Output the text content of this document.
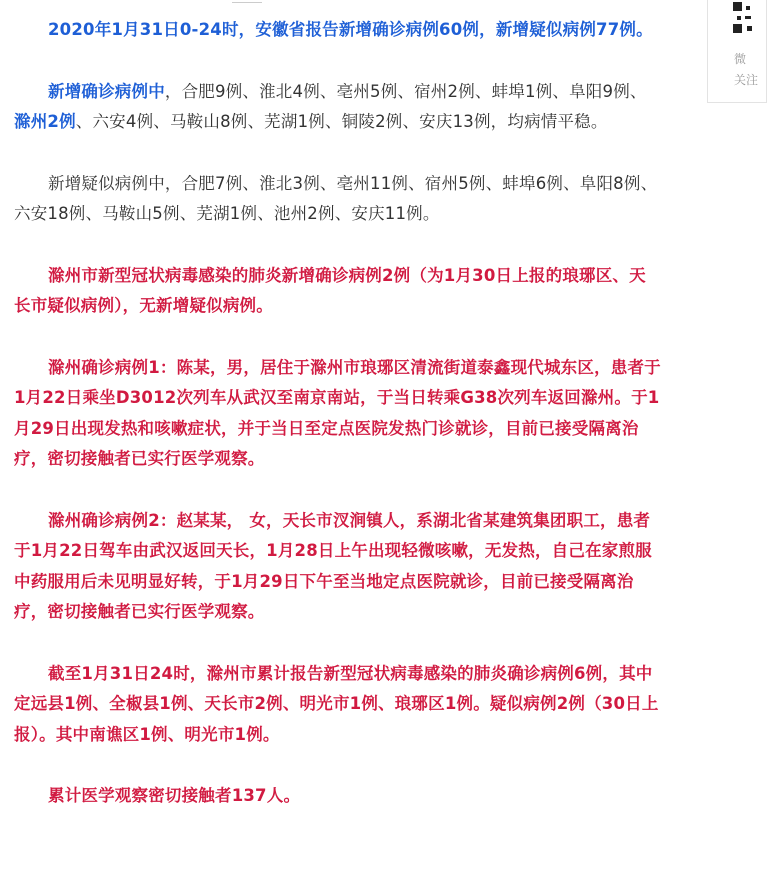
2020年1月31日0-24时，安徽省报告新增确诊病例60例，新增疑似病例77例。

新增确诊病例中，合肥9例、淮北4例、亳州5例、宿州2例、蚌埠1例、阜阳9例、滁州2例、六安4例、马鞍山8例、芜湖1例、铜陵2例、安庆13例，均病情平稳。

新增疑似病例中，合肥7例、淮北3例、亳州11例、宿州5例、蚌埠6例、阜阳8例、六安18例、马鞍山5例、芜湖1例、池州2例、安庆11例。

滁州市新型冠状病毒感染的肺炎新增确诊病例2例（为1月30日上报的琅琊区、天长市疑似病例），无新增疑似病例。

滁州确诊病例1：陈某，男，居住于滁州市琅琊区清流街道泰鑫现代城东区，患者于1月22日乘坐D3012次列车从武汉至南京南站，于当日转乘G38次列车返回滁州。于1月29日出现发热和咳嗽症状，并于当日至定点医院发热门诊就诊，目前已接受隔离治疗，密切接触者已实行医学观察。

滁州确诊病例2：赵某某， 女，天长市汊涧镇人，系湖北省某建筑集团职工，患者于1月22日驾车由武汉返回天长，1月28日上午出现轻微咳嗽，无发热，自己在家煎服中药服用后未见明显好转，于1月29日下午至当地定点医院就诊，目前已接受隔离治疗，密切接触者已实行医学观察。

截至1月31日24时，滁州市累计报告新型冠状病毒感染的肺炎确诊病例6例，其中定远县1例、全椒县1例、天长市2例、明光市1例、琅琊区1例。疑似病例2例（30日上报）。其中南谯区1例、明光市1例。

累计医学观察密切接触者137人。

微
关注
